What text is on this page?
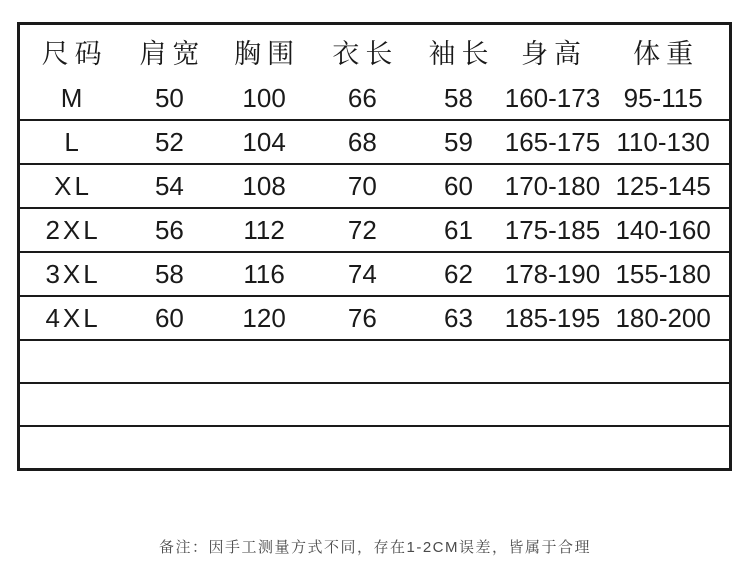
尺码	肩宽	胸围	衣长	袖长	身高	体重
M	50	100	66	58	160-173	95-115
L	52	104	68	59	165-175	110-130
XL	54	108	70	60	170-180	125-145
2XL	56	112	72	61	175-185	140-160
3XL	58	116	74	62	178-190	155-180
4XL	60	120	76	63	185-195	180-200

备注：因手工测量方式不同，存在1-2CM误差，皆属于合理
